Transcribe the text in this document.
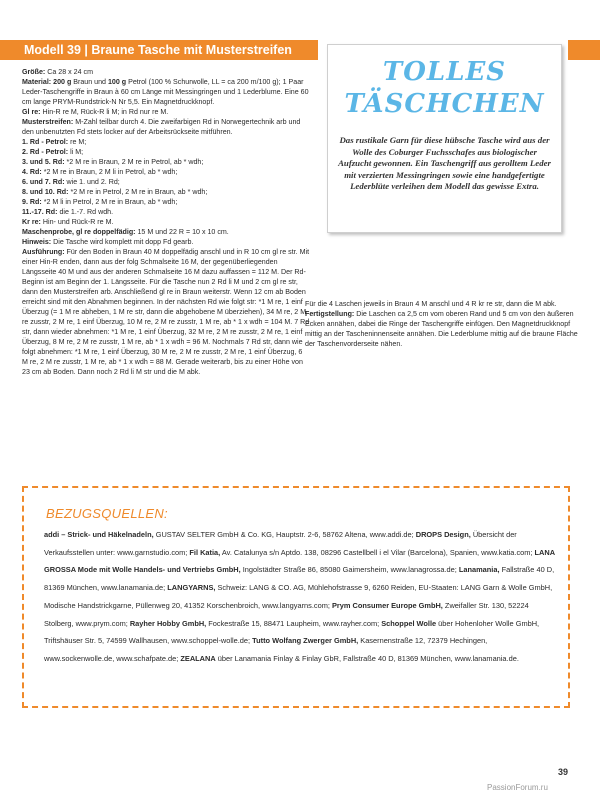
Modell 39 | Braune Tasche mit Musterstreifen

Größe: Ca 28 x 24 cm

Material: 200 g Braun und 100 g Petrol (100 % Schurwolle, LL = ca 200 m/100 g); 1 Paar Leder-Taschengriffe in Braun à 60 cm Länge mit Messingringen und 1 Lederblume. Eine 60 cm lange PRYM-Rundstrick-N Nr 5,5. Ein Magnetdruckknopf.

Gl re: Hin-R re M, Rück-R li M; in Rd nur re M.

Musterstreifen: M-Zahl teilbar durch 4. Die zweifarbigen Rd in Norwegertechnik arb und den unbenutzten Fd stets locker auf der Arbeitsrückseite mitführen.

1. Rd - Petrol: re M;

2. Rd - Petrol: li M;

3. und 5. Rd: *2 M re in Braun, 2 M re in Petrol, ab * wdh;

4. Rd: *2 M re in Braun, 2 M li in Petrol, ab * wdh;

6. und 7. Rd: wie 1. und 2. Rd;

8. und 10. Rd: *2 M re in Petrol, 2 M re in Braun, ab * wdh;

9. Rd: *2 M li in Petrol, 2 M re in Braun, ab * wdh;

11.-17. Rd: die 1.-7. Rd wdh.

Kr re: Hin- und Rück-R re M.

Maschenprobe, gl re doppelfädig: 15 M und 22 R = 10 x 10 cm.

Hinweis: Die Tasche wird komplett mit dopp Fd gearb.

Ausführung: Für den Boden in Braun 40 M doppelfädig anschl und in R 10 cm gl re str. Mit einer Hin-R enden, dann aus der folg Schmalseite 16 M, der gegenüberliegenden Längsseite 40 M und aus der anderen Schmalseite 16 M dazu auffassen = 112 M. Der Rd-Beginn ist am Beginn der 1. Längsseite. Für die Tasche nun 2 Rd li M und 2 cm gl re str, dann den Musterstreifen arb. Anschließend gl re in Braun weiterstr. Wenn 12 cm ab Boden erreicht sind mit den Abnahmen beginnen. In der nächsten Rd wie folgt str: *1 M re, 1 einf Überzug (= 1 M re abheben, 1 M re str, dann die abgehobene M überziehen), 34 M re, 2 M re zusstr, 2 M re, 1 einf Überzug, 10 M re, 2 M re zusstr, 1 M re, ab * 1 x wdh = 104 M. 7 Rd str, dann wieder abnehmen: *1 M re, 1 einf Überzug, 32 M re, 2 M re zusstr, 2 M re, 1 einf Überzug, 8 M re, 2 M re zusstr, 1 M re, ab * 1 x wdh = 96 M. Nochmals 7 Rd str, dann wie folgt abnehmen: *1 M re, 1 einf Überzug, 30 M re, 2 M re zusstr, 2 M re, 1 einf Überzug, 6 M re, 2 M re zusstr, 1 M re, ab * 1 x wdh = 88 M. Gerade weiterarb, bis zu einer Höhe von 23 cm ab Boden. Dann noch 2 Rd li M str und die M abk.

TOLLES
TÄSCHCHEN
Das rustikale Garn für diese hübsche Tasche wird aus der Wolle des Coburger Fuchsschafes aus biologischer Aufzucht gewonnen. Ein Taschengriff aus gerolltem Leder mit verzierten Messingringen sowie eine handgefertigte Lederblüte verleihen dem Modell das gewisse Extra.

Für die 4 Laschen jeweils in Braun 4 M anschl und 4 R kr re str, dann die M abk.

Fertigstellung: Die Laschen ca 2,5 cm vom oberen Rand und 5 cm von den äußeren Ecken annähen, dabei die Ringe der Taschengriffe einfügen. Den Magnetdruckknopf mittig an der Tascheninnenseite annähen. Die Lederblume mittig auf die braune Fläche der Taschenvorderseite nähen.

BEZUGSQUELLEN:
addi – Strick- und Häkelnadeln, GUSTAV SELTER GmbH & Co. KG, Hauptstr. 2-6, 58762 Altena, www.addi.de; DROPS Design, Übersicht der Verkaufsstellen unter: www.garnstudio.com; Fil Katia, Av. Catalunya s/n Aptdo. 138, 08296 Castellbell i el Vilar (Barcelona), Spanien, www.katia.com; LANA GROSSA Mode mit Wolle Handels- und Vertriebs GmbH, Ingolstädter Straße 86, 85080 Gaimersheim, www.lanagrossa.de; Lanamania, Fallstraße 40 D, 81369 München, www.lanamania.de; LANGYARNS, Schweiz: LANG & CO. AG, Mühlehofstrasse 9, 6260 Reiden, EU-Staaten: LANG Garn & Wolle GmbH, Modische Handstrickgarne, Püllenweg 20, 41352 Korschenbroich, www.langyarns.com; Prym Consumer Europe GmbH, Zweifaller Str. 130, 52224 Stolberg, www.prym.com; Rayher Hobby GmbH, Fockestraße 15, 88471 Laupheim, www.rayher.com; Schoppel Wolle über Hohenloher Wolle GmbH, Triftshäuser Str. 5, 74599 Wallhausen, www.schoppel-wolle.de; Tutto Wolfang Zwerger GmbH, Kasernenstraße 12, 72379 Hechingen, www.sockenwolle.de, www.schafpate.de; ZEALANA über Lanamania Finlay & Finlay GbR, Fallstraße 40 D, 81369 München, www.lanamania.de.
39
PassionForum.ru
